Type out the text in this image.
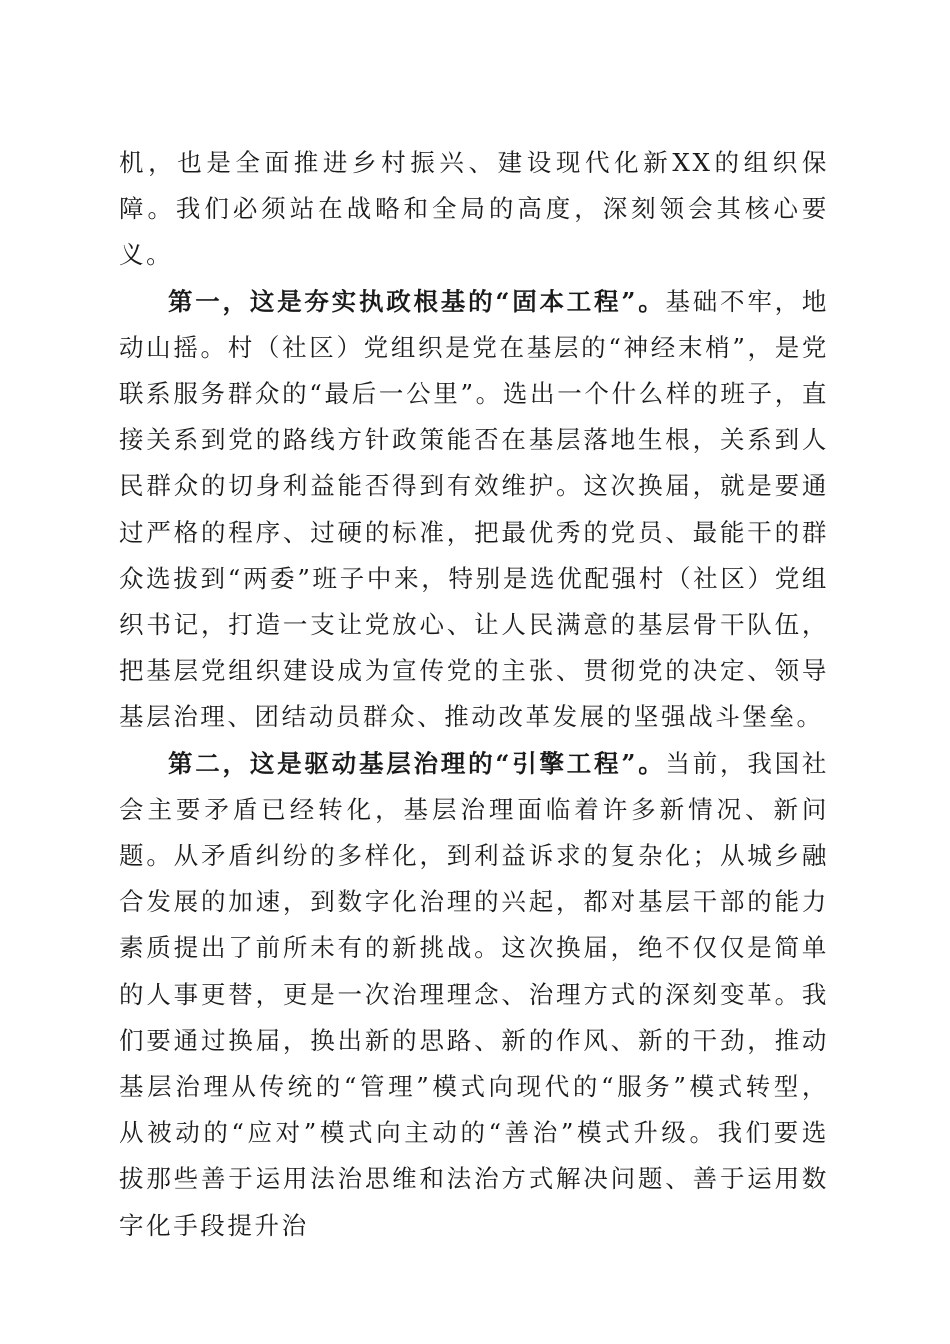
机，也是全面推进乡村振兴、建设现代化新XX的组织保障。我们必须站在战略和全局的高度，深刻领会其核心要义。

第一，这是夯实执政根基的“固本工程”。基础不牢，地动山摇。村（社区）党组织是党在基层的“神经末梢”，是党联系服务群众的“最后一公里”。选出一个什么样的班子，直接关系到党的路线方针政策能否在基层落地生根，关系到人民群众的切身利益能否得到有效维护。这次换届，就是要通过严格的程序、过硬的标准，把最优秀的党员、最能干的群众选拔到“两委”班子中来，特别是选优配强村（社区）党组织书记，打造一支让党放心、让人民满意的基层骨干队伍，把基层党组织建设成为宣传党的主张、贯彻党的决定、领导基层治理、团结动员群众、推动改革发展的坚强战斗堡垒。

第二，这是驱动基层治理的“引擎工程”。当前，我国社会主要矛盾已经转化，基层治理面临着许多新情况、新问题。从矛盾纠纷的多样化，到利益诉求的复杂化；从城乡融合发展的加速，到数字化治理的兴起，都对基层干部的能力素质提出了前所未有的新挑战。这次换届，绝不仅仅是简单的人事更替，更是一次治理理念、治理方式的深刻变革。我们要通过换届，换出新的思路、新的作风、新的干劲，推动基层治理从传统的“管理”模式向现代的“服务”模式转型，从被动的“应对”模式向主动的“善治”模式升级。我们要选拔那些善于运用法治思维和法治方式解决问题、善于运用数字化手段提升治
